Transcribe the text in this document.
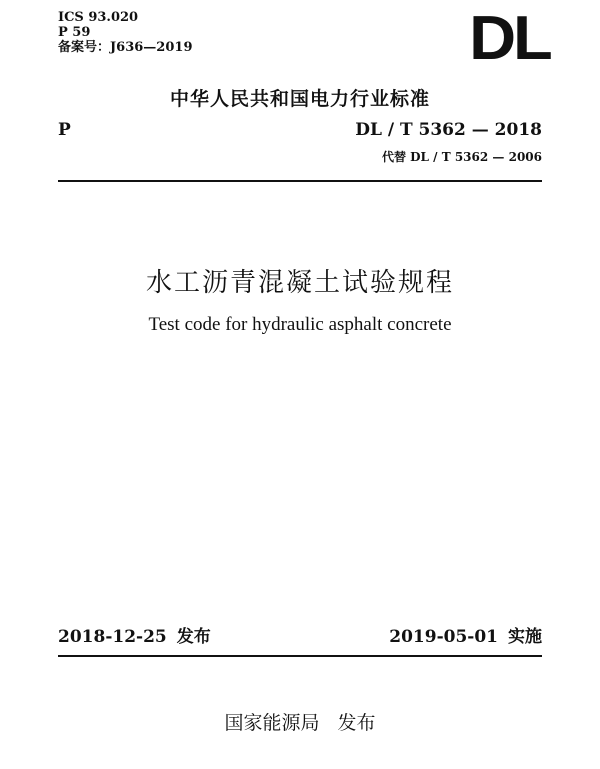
ICS 93.020
P 59
备案号：J636—2019	DL
中华人民共和国电力行业标准
P	DL / T 5362 — 2018
代替 DL / T 5362 — 2006
水工沥青混凝土试验规程
Test code for hydraulic asphalt concrete
2018-12-25 发布	2019-05-01 实施
国家能源局 发布
